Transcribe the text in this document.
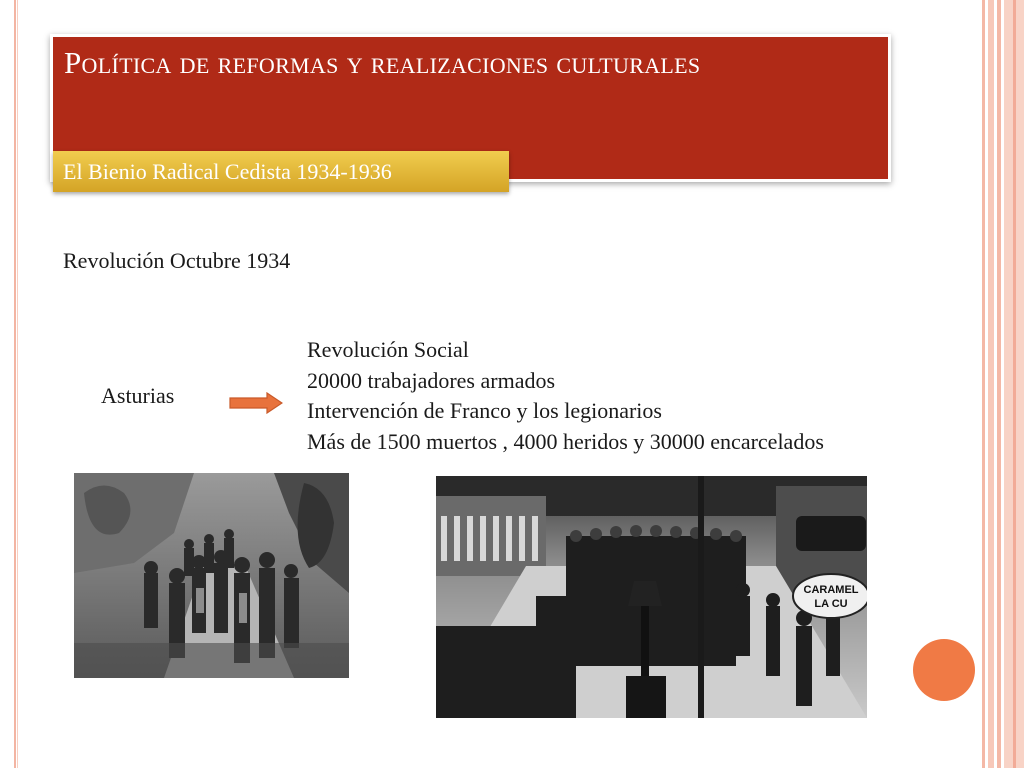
Política de reformas y realizaciones culturales
El Bienio Radical Cedista 1934-1936
Revolución Octubre 1934
Asturias
Revolución Social
20000 trabajadores armados
Intervención de Franco y los legionarios
Más de 1500 muertos , 4000 heridos y 30000 encarcelados
CARAMEL
LA CU
